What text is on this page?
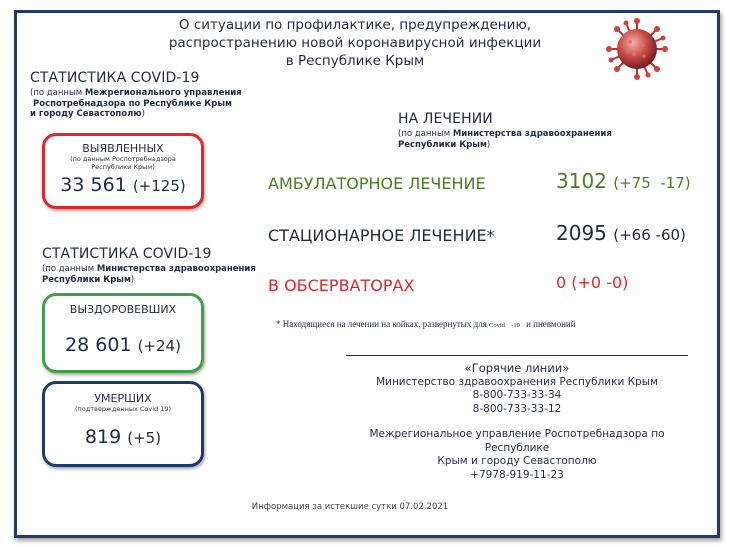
О ситуации по профилактике, предупреждению,
распространению новой коронавирусной инфекции
в Республике Крым
СТАТИСТИКА COVID-19
(по данным Межрегионального управления
Роспотребнадзора по Республике Крым
и городу Севастополю)
ВЫЯВЛЕННЫХ
(по данным Роспотребнадзора
Республики Крым)
33 561 (+125)
СТАТИСТИКА COVID-19
(по данным Министерства здравоохранения
Республики Крым)
ВЫЗДОРОВЕВШИХ
28 601 (+24)
УМЕРШИХ
(подтвержденных Covid 19)
819 (+5)
НА ЛЕЧЕНИИ
(по данным Министерства здравоохранения
Республики Крым)
АМБУЛАТОРНОЕ ЛЕЧЕНИЕ	3102 (+75  -17)
СТАЦИОНАРНОЕ ЛЕЧЕНИЕ*	2095 (+66 -60)
В ОБСЕРВАТОРАХ	0 (+0 -0)
* Находящиеся на лечении на койках, развернутых для Covid -19 и пневмоний
«Горячие линии»
Министерство здравоохранения Республики Крым
8-800-733-33-34
8-800-733-33-12
Межрегиональное управление Роспотребнадзора по Республике
Крым и городу Севастополю
+7978-919-11-23
Информация за истекшие сутки 07.02.2021
